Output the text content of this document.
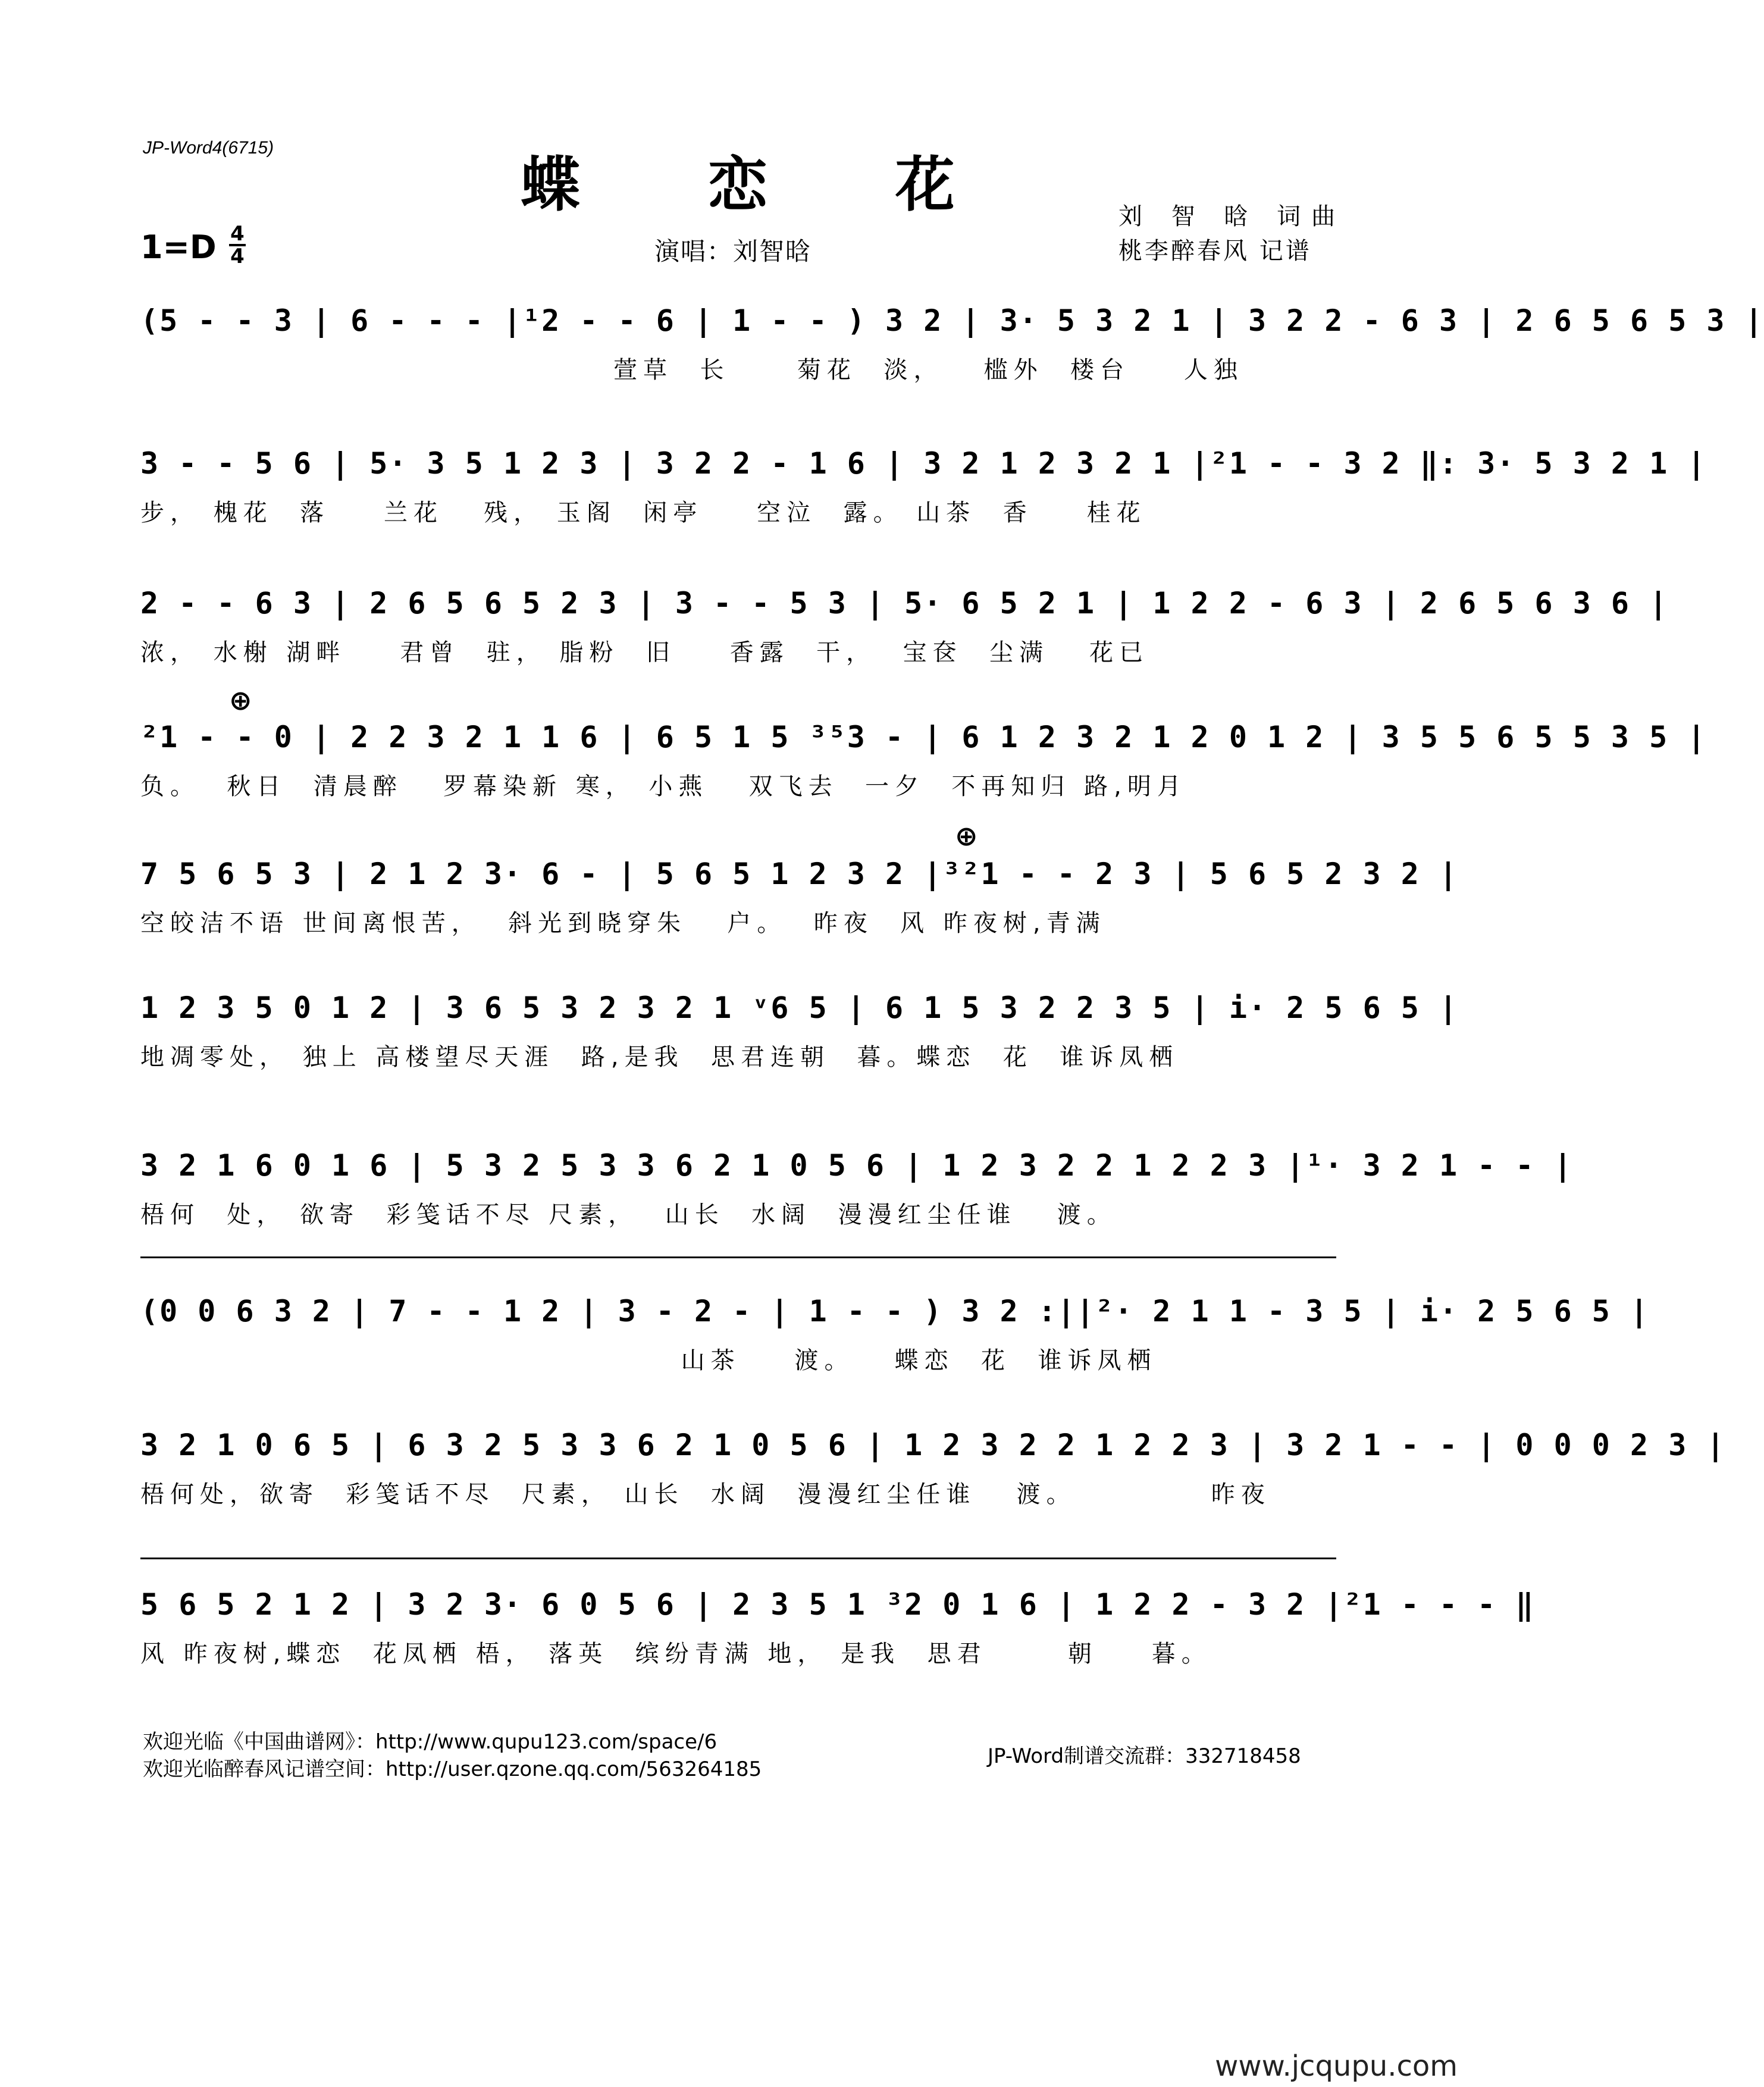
JP-Word4(6715)
蝶 恋 花	刘 智 晗 词曲
桃李醉春风 记谱
演唱：刘智晗
1=D 4
4
(5 - - 3 | 6 - - - |¹2 - - 6 | 1 - - ) 3 2 | 3· 5 3 2 1 | 3 2 2 - 6 3 | 2 6 5 6 5 3 |
萱草  长     菊花  淡，   槛外  楼台    人独
3 - - 5 6 | 5· 3 5 1 2 3 | 3 2 2 - 1 6 | 3 2 1 2 3 2 1 |²1 - - 3 2 ‖: 3· 5 3 2 1 |
步， 槐花  落    兰花   残， 玉阁  闲亭    空泣  露。 山茶  香    桂花
2 - - 6 3 | 2 6 5 6 5 2 3 | 3 - - 5 3 | 5· 6 5 2 1 | 1 2 2 - 6 3 | 2 6 5 6 3 6 |
浓， 水榭 湖畔    君曾  驻， 脂粉  旧    香露  干，  宝奁  尘满   花已
⊕
²1 - - 0 | 2 2 3 2 1 1 6 | 6 5 1 5 ³⁵3 - | 6 1 2 3 2 1 2 0 1 2 | 3 5 5 6 5 5 3 5 |
负。  秋日  清晨醉   罗幕染新 寒， 小燕   双飞去  一夕  不再知归 路,明月
⊕
7 5 6 5 3 | 2 1 2 3· 6 - | 5 6 5 1 2 3 2 |³²1 - - 2 3 | 5 6 5 2 3 2 |
空皎洁不语 世间离恨苦，  斜光到晓穿朱   户。  昨夜  风 昨夜树,青满
1 2 3 5 0 1 2 | 3 6 5 3 2 3 2 1 ᵛ6 5 | 6 1 5 3 2 2 3 5 | i· 2 5 6 5 |
地凋零处， 独上 高楼望尽天涯  路,是我  思君连朝  暮。蝶恋  花  谁诉凤栖
3 2 1 6 0 1 6 | 5 3 2 5 3 3 6 2 1 0 5 6 | 1 2 3 2 2 1 2 2 3 |¹· 3 2 1 - - |
梧何  处， 欲寄  彩笺话不尽 尺素，  山长  水阔  漫漫红尘任谁   渡。
(0 0 6 3 2 | 7 - - 1 2 | 3 - 2 - | 1 - - ) 3 2 :||²· 2 1 1 - 3 5 | i· 2 5 6 5 |
山茶    渡。   蝶恋  花  谁诉凤栖
3 2 1 0 6 5 | 6 3 2 5 3 3 6 2 1 0 5 6 | 1 2 3 2 2 1 2 2 3 | 3 2 1 - - | 0 0 0 2 3 |
梧何处，欲寄  彩笺话不尽  尺素， 山长  水阔  漫漫红尘任谁   渡。          昨夜
5 6 5 2 1 2 | 3 2 3· 6 0 5 6 | 2 3 5 1 ³2 0 1 6 | 1 2 2 - 3 2 |²1 - - - ‖
风 昨夜树,蝶恋  花凤栖 梧， 落英  缤纷青满 地， 是我  思君      朝    暮。
欢迎光临《中国曲谱网》：http://www.qupu123.com/space/6
欢迎光临醉春风记谱空间：http://user.qzone.qq.com/563264185
JP-Word制谱交流群：332718458
www.jcqupu.com
